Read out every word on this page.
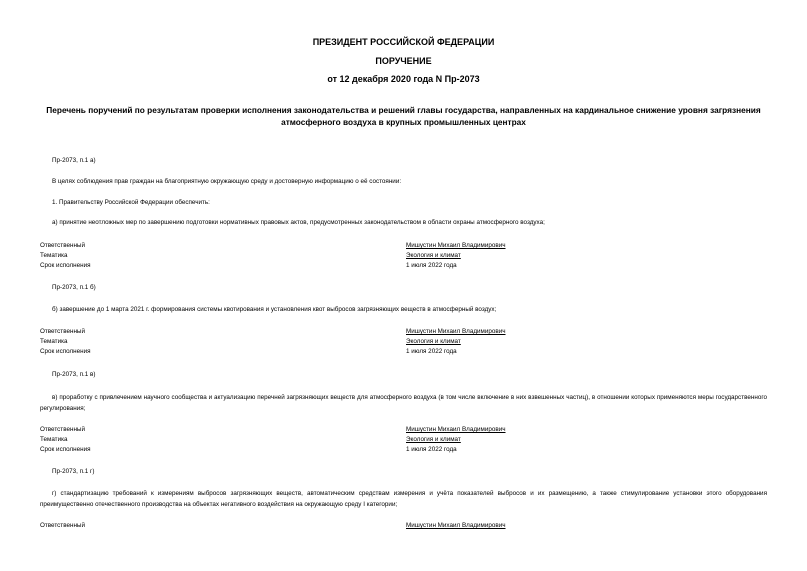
ПРЕЗИДЕНТ РОССИЙСКОЙ ФЕДЕРАЦИИ
ПОРУЧЕНИЕ
от 12 декабря 2020 года N Пр-2073
Перечень поручений по результатам проверки исполнения законодательства и решений главы государства, направленных на кардинальное снижение уровня загрязнения атмосферного воздуха в крупных промышленных центрах
Пр-2073, п.1 а)
В целях соблюдения прав граждан на благоприятную окружающую среду и достоверную информацию о её состоянии:
1. Правительству Российской Федерации обеспечить:
а) принятие неотложных мер по завершению подготовки нормативных правовых актов, предусмотренных законодательством в области охраны атмосферного воздуха;
Ответственный	Мишустин Михаил Владимирович
Тематика	Экология и климат
Срок исполнения	1 июля 2022 года
Пр-2073, п.1 б)
б) завершение до 1 марта 2021 г. формирования системы квотирования и установления квот выбросов загрязняющих веществ в атмосферный воздух;
Ответственный	Мишустин Михаил Владимирович
Тематика	Экология и климат
Срок исполнения	1 июля 2022 года
Пр-2073, п.1 в)
в) проработку с привлечением научного сообщества и актуализацию перечней загрязняющих веществ для атмосферного воздуха (в том числе включение в них взвешенных частиц), в отношении которых применяются меры государственного регулирования;
Ответственный	Мишустин Михаил Владимирович
Тематика	Экология и климат
Срок исполнения	1 июля 2022 года
Пр-2073, п.1 г)
г) стандартизацию требований к измерениям выбросов загрязняющих веществ, автоматическим средствам измерения и учёта показателей выбросов и их размещению, а также стимулирование установки этого оборудования преимущественно отечественного производства на объектах негативного воздействия на окружающую среду I категории;
Ответственный	Мишустин Михаил Владимирович
